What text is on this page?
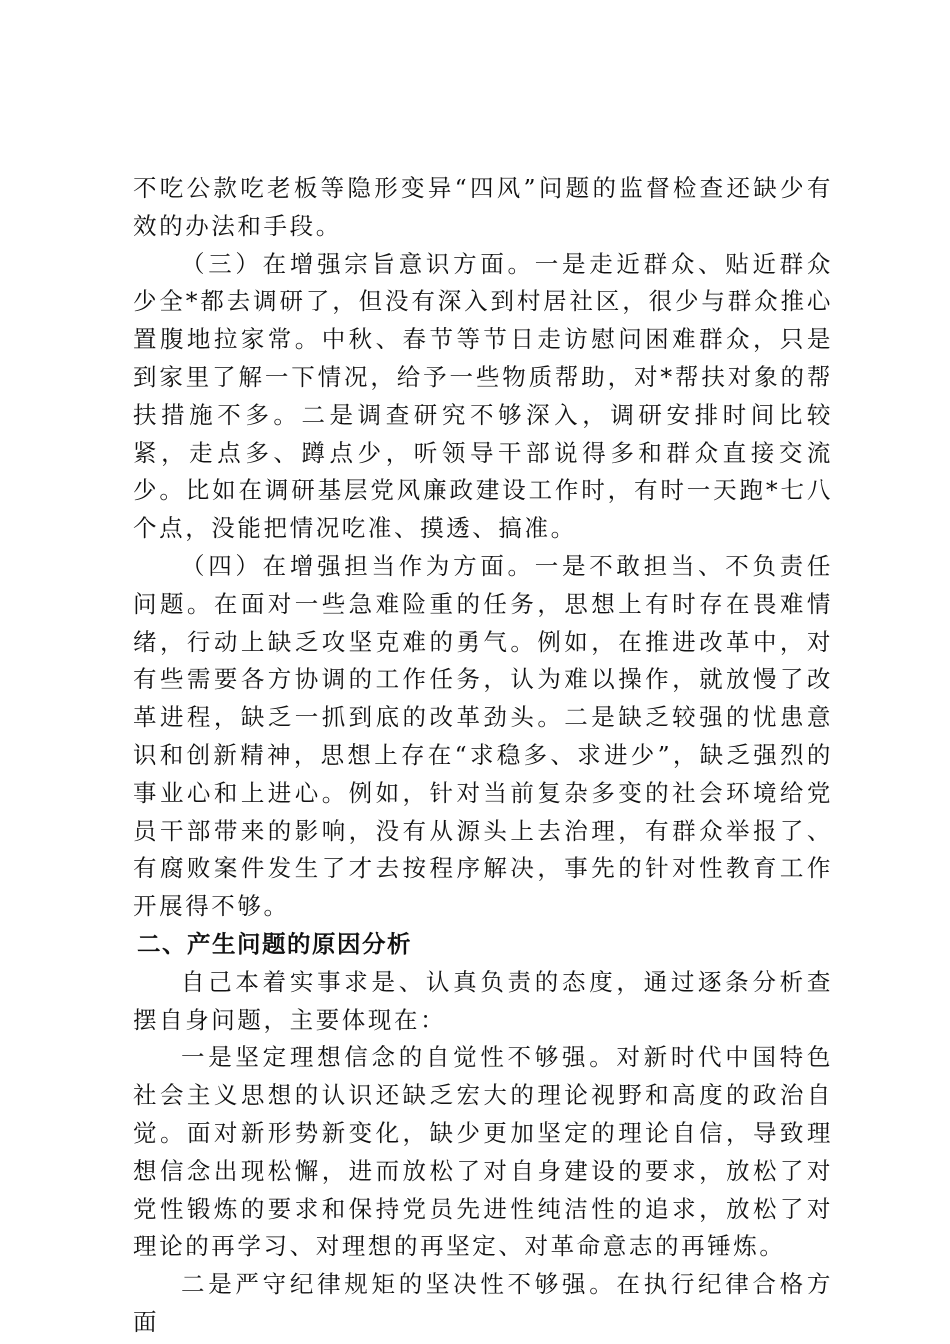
不吃公款吃老板等隐形变异“四风”问题的监督检查还缺少有效的办法和手段。

（三）在增强宗旨意识方面。一是走近群众、贴近群众少全*都去调研了，但没有深入到村居社区，很少与群众推心置腹地拉家常。中秋、春节等节日走访慰问困难群众，只是到家里了解一下情况，给予一些物质帮助，对*帮扶对象的帮扶措施不多。二是调查研究不够深入，调研安排时间比较紧，走点多、蹲点少，听领导干部说得多和群众直接交流少。比如在调研基层党风廉政建设工作时，有时一天跑*七八个点，没能把情况吃准、摸透、搞准。

（四）在增强担当作为方面。一是不敢担当、不负责任问题。在面对一些急难险重的任务，思想上有时存在畏难情绪，行动上缺乏攻坚克难的勇气。例如，在推进改革中，对有些需要各方协调的工作任务，认为难以操作，就放慢了改革进程，缺乏一抓到底的改革劲头。二是缺乏较强的忧患意识和创新精神，思想上存在“求稳多、求进少”，缺乏强烈的事业心和上进心。例如，针对当前复杂多变的社会环境给党员干部带来的影响，没有从源头上去治理，有群众举报了、有腐败案件发生了才去按程序解决，事先的针对性教育工作开展得不够。

二、产生问题的原因分析

自己本着实事求是、认真负责的态度，通过逐条分析查摆自身问题，主要体现在：

一是坚定理想信念的自觉性不够强。对新时代中国特色社会主义思想的认识还缺乏宏大的理论视野和高度的政治自觉。面对新形势新变化，缺少更加坚定的理论自信，导致理想信念出现松懈，进而放松了对自身建设的要求，放松了对党性锻炼的要求和保持党员先进性纯洁性的追求，放松了对理论的再学习、对理想的再坚定、对革命意志的再锤炼。

二是严守纪律规矩的坚决性不够强。在执行纪律合格方面
